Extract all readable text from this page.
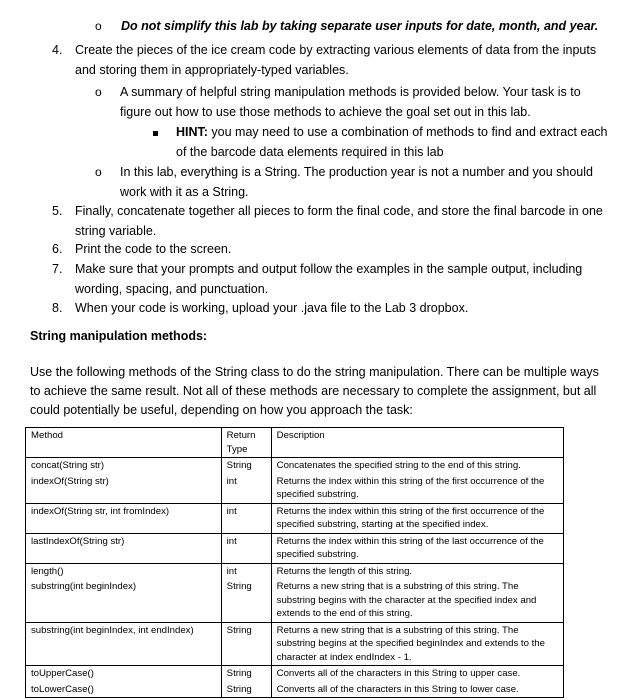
o Do not simplify this lab by taking separate user inputs for date, month, and year.
4. Create the pieces of the ice cream code by extracting various elements of data from the inputs
and storing them in appropriately-typed variables.
o A summary of helpful string manipulation methods is provided below. Your task is to
figure out how to use those methods to achieve the goal set out in this lab.
HINT: you may need to use a combination of methods to find and extract each
of the barcode data elements required in this lab
o In this lab, everything is a String. The production year is not a number and you should
work with it as a String.
5. Finally, concatenate together all pieces to form the final code, and store the final barcode in one
string variable.
6. Print the code to the screen.
7. Make sure that your prompts and output follow the examples in the sample output, including
wording, spacing, and punctuation.
8. When your code is working, upload your .java file to the Lab 3 dropbox.
String manipulation methods:
Use the following methods of the String class to do the string manipulation. There can be multiple ways
to achieve the same result. Not all of these methods are necessary to complete the assignment, but all
could potentially be useful, depending on how you approach the task:
Method	Return Type	Description
concat(String str)	String	Concatenates the specified string to the end of this string.
indexOf(String str)	int	Returns the index within this string of the first occurrence of the specified substring.
indexOf(String str, int fromIndex)	int	Returns the index within this string of the first occurrence of the specified substring, starting at the specified index.
lastIndexOf(String str)	int	Returns the index within this string of the last occurrence of the specified substring.
length()	int	Returns the length of this string.
substring(int beginIndex)	String	Returns a new string that is a substring of this string. The substring begins with the character at the specified index and extends to the end of this string.
substring(int beginIndex, int endIndex)	String	Returns a new string that is a substring of this string. The substring begins at the specified beginIndex and extends to the character at index endIndex - 1.
toUpperCase()	String	Converts all of the characters in this String to upper case.
toLowerCase()	String	Converts all of the characters in this String to lower case.
